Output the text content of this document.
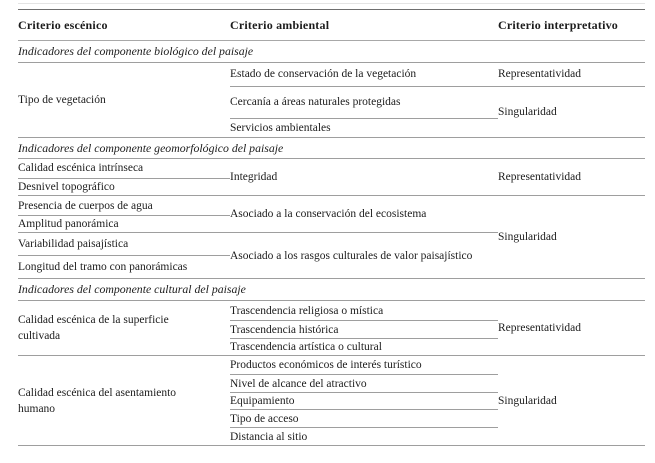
Criterio escénico	Criterio ambiental	Criterio interpretativo
Indicadores del componente biológico del paisaje		
Tipo de vegetación	Estado de conservación de la vegetación	Representatividad
	Cercanía a áreas naturales protegidas	Singularidad
	Servicios ambientales	
Indicadores del componente geomorfológico del paisaje		
Calidad escénica intrínseca	Integridad	Representatividad
Desnivel topográfico		
Presencia de cuerpos de agua	Asociado a la conservación del ecosistema	Singularidad
Amplitud panorámica		
Variabilidad paisajística	Asociado a los rasgos culturales de valor paisajístico	
Longitud del tramo con panorámicas		
Indicadores del componente cultural del paisaje		
Calidad escénica de la superficie cultivada	Trascendencia religiosa o mística	Representatividad
	Trascendencia histórica	
	Trascendencia artística o cultural	
Calidad escénica del asentamiento humano	Productos económicos de interés turístico	Singularidad
	Nivel de alcance del atractivo	
	Equipamiento	
	Tipo de acceso	
	Distancia al sitio	
